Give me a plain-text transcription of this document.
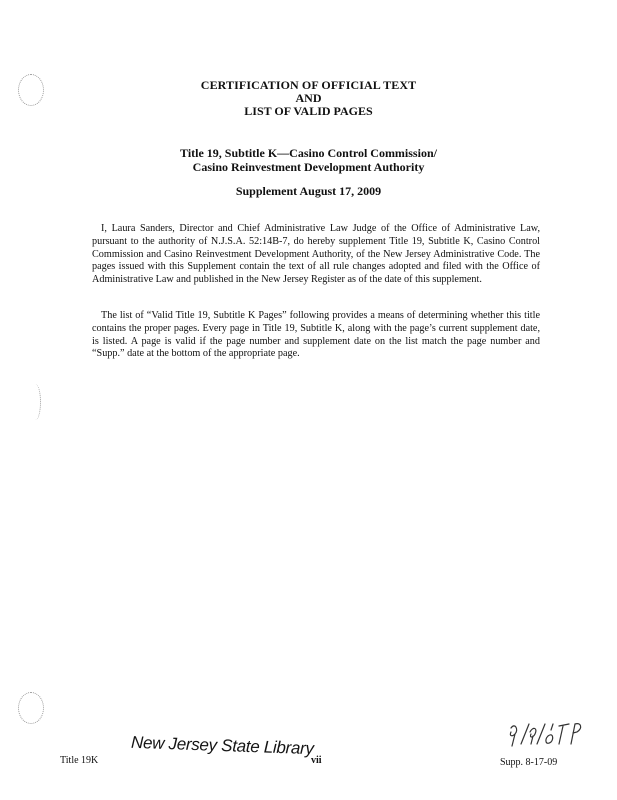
CERTIFICATION OF OFFICIAL TEXT
AND
LIST OF VALID PAGES
Title 19, Subtitle K—Casino Control Commission/
Casino Reinvestment Development Authority
Supplement August 17, 2009
I, Laura Sanders, Director and Chief Administrative Law Judge of the Office of Administrative Law, pursuant to the authority of N.J.S.A. 52:14B-7, do hereby supplement Title 19, Subtitle K, Casino Control Commission and Casino Reinvestment Development Authority, of the New Jersey Administrative Code. The pages issued with this Supplement contain the text of all rule changes adopted and filed with the Office of Administrative Law and published in the New Jersey Register as of the date of this supplement.
The list of “Valid Title 19, Subtitle K Pages” following provides a means of determining whether this title contains the proper pages. Every page in Title 19, Subtitle K, along with the page’s current supplement date, is listed. A page is valid if the page number and supplement date on the list match the page number and “Supp.” date at the bottom of the appropriate page.
Title 19K
New Jersey State Library
vii	Supp. 8-17-09
